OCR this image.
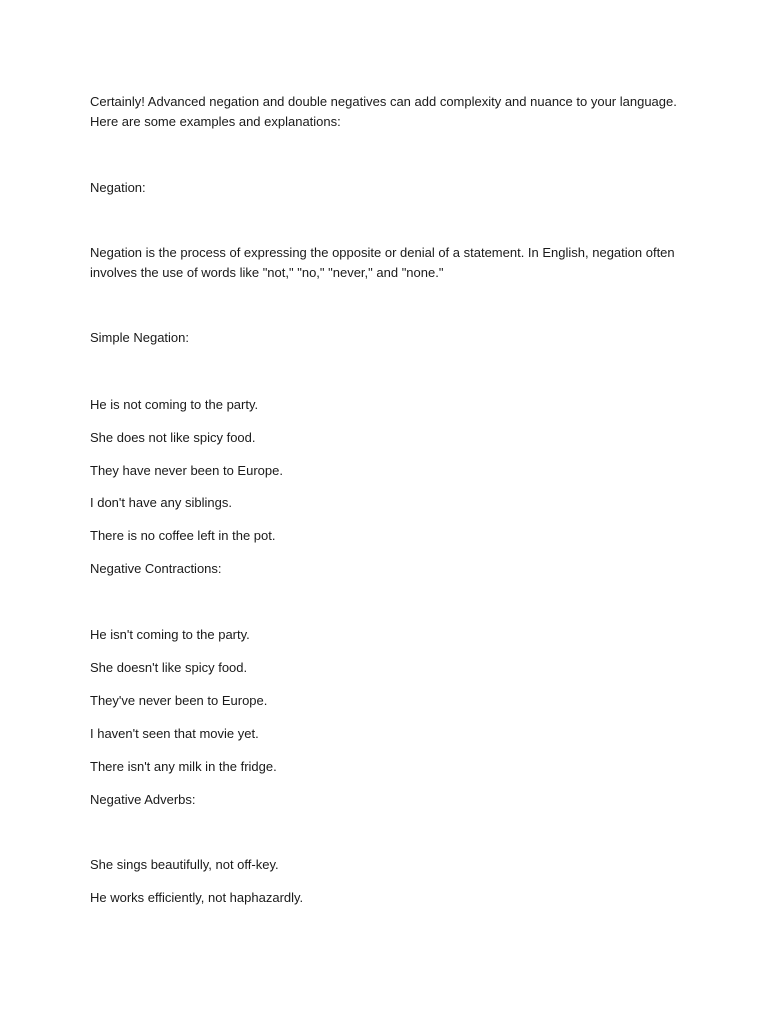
Certainly! Advanced negation and double negatives can add complexity and nuance to your language.
Here are some examples and explanations:
Negation:
Negation is the process of expressing the opposite or denial of a statement. In English, negation often
involves the use of words like "not," "no," "never," and "none."
Simple Negation:
He is not coming to the party.
She does not like spicy food.
They have never been to Europe.
I don't have any siblings.
There is no coffee left in the pot.
Negative Contractions:
He isn't coming to the party.
She doesn't like spicy food.
They've never been to Europe.
I haven't seen that movie yet.
There isn't any milk in the fridge.
Negative Adverbs:
She sings beautifully, not off-key.
He works efficiently, not haphazardly.
